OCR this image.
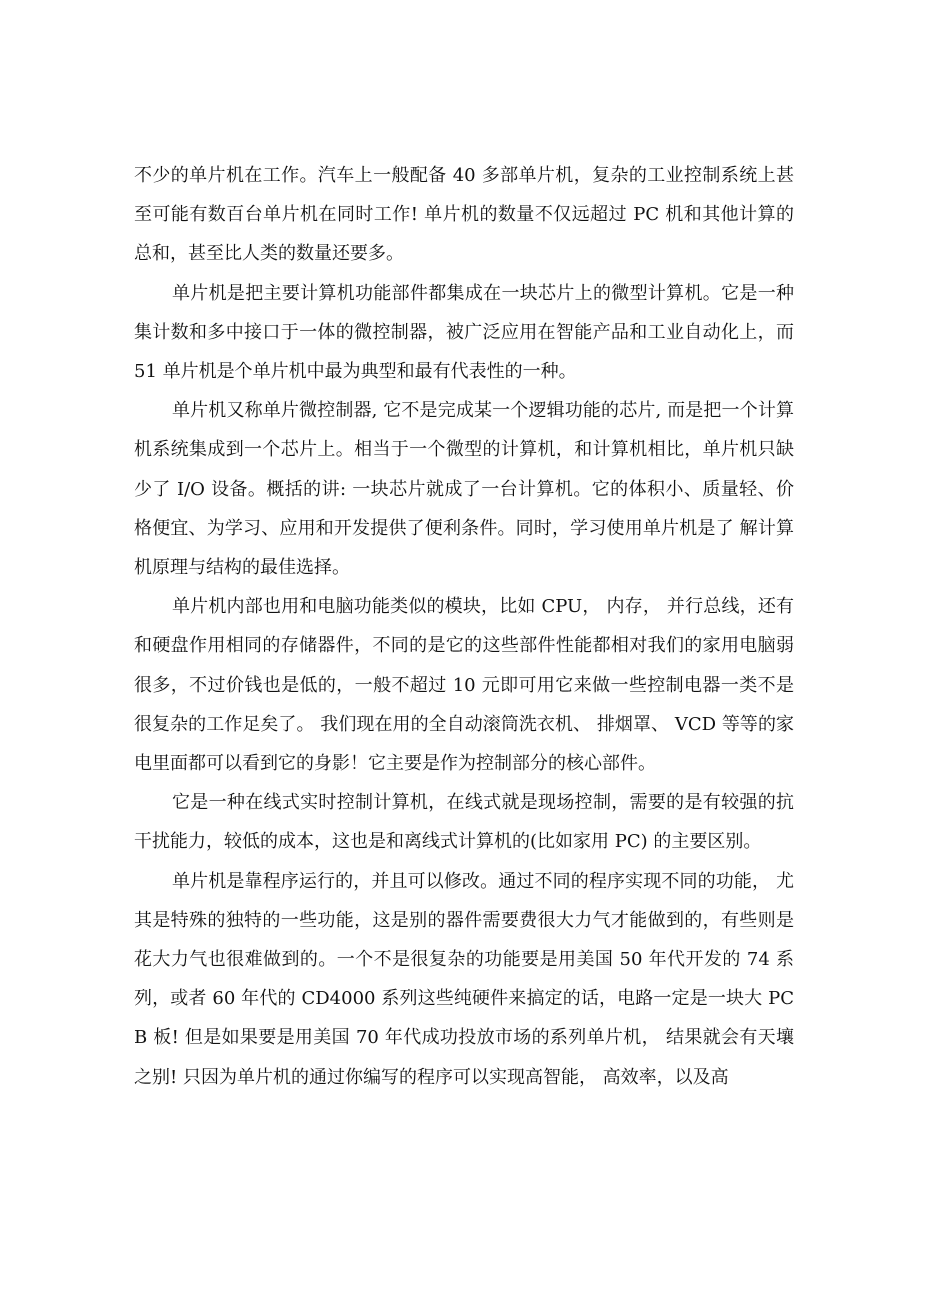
不少的单片机在工作。汽车上一般配备 40 多部单片机，复杂的工业控制系统上甚至可能有数百台单片机在同时工作! 单片机的数量不仅远超过 PC 机和其他计算的总和，甚至比人类的数量还要多。

单片机是把主要计算机功能部件都集成在一块芯片上的微型计算机。它是一种集计数和多中接口于一体的微控制器，被广泛应用在智能产品和工业自动化上，而 51 单片机是个单片机中最为典型和最有代表性的一种。

单片机又称单片微控制器, 它不是完成某一个逻辑功能的芯片, 而是把一个计算机系统集成到一个芯片上。相当于一个微型的计算机，和计算机相比，单片机只缺少了 I/O 设备。概括的讲: 一块芯片就成了一台计算机。它的体积小、质量轻、价格便宜、为学习、应用和开发提供了便利条件。同时，学习使用单片机是了 解计算机原理与结构的最佳选择。

单片机内部也用和电脑功能类似的模块，比如 CPU， 内存， 并行总线，还有和硬盘作用相同的存储器件，不同的是它的这些部件性能都相对我们的家用电脑弱很多，不过价钱也是低的，一般不超过 10 元即可用它来做一些控制电器一类不是很复杂的工作足矣了。 我们现在用的全自动滚筒洗衣机、 排烟罩、 VCD 等等的家电里面都可以看到它的身影！它主要是作为控制部分的核心部件。

它是一种在线式实时控制计算机，在线式就是现场控制，需要的是有较强的抗干扰能力，较低的成本，这也是和离线式计算机的(比如家用 PC) 的主要区别。

单片机是靠程序运行的，并且可以修改。通过不同的程序实现不同的功能， 尤其是特殊的独特的一些功能，这是别的器件需要费很大力气才能做到的，有些则是花大力气也很难做到的。一个不是很复杂的功能要是用美国 50 年代开发的 74 系列，或者 60 年代的 CD4000 系列这些纯硬件来搞定的话，电路一定是一块大 PCB 板! 但是如果要是用美国 70 年代成功投放市场的系列单片机， 结果就会有天壤之别! 只因为单片机的通过你编写的程序可以实现高智能， 高效率，以及高
